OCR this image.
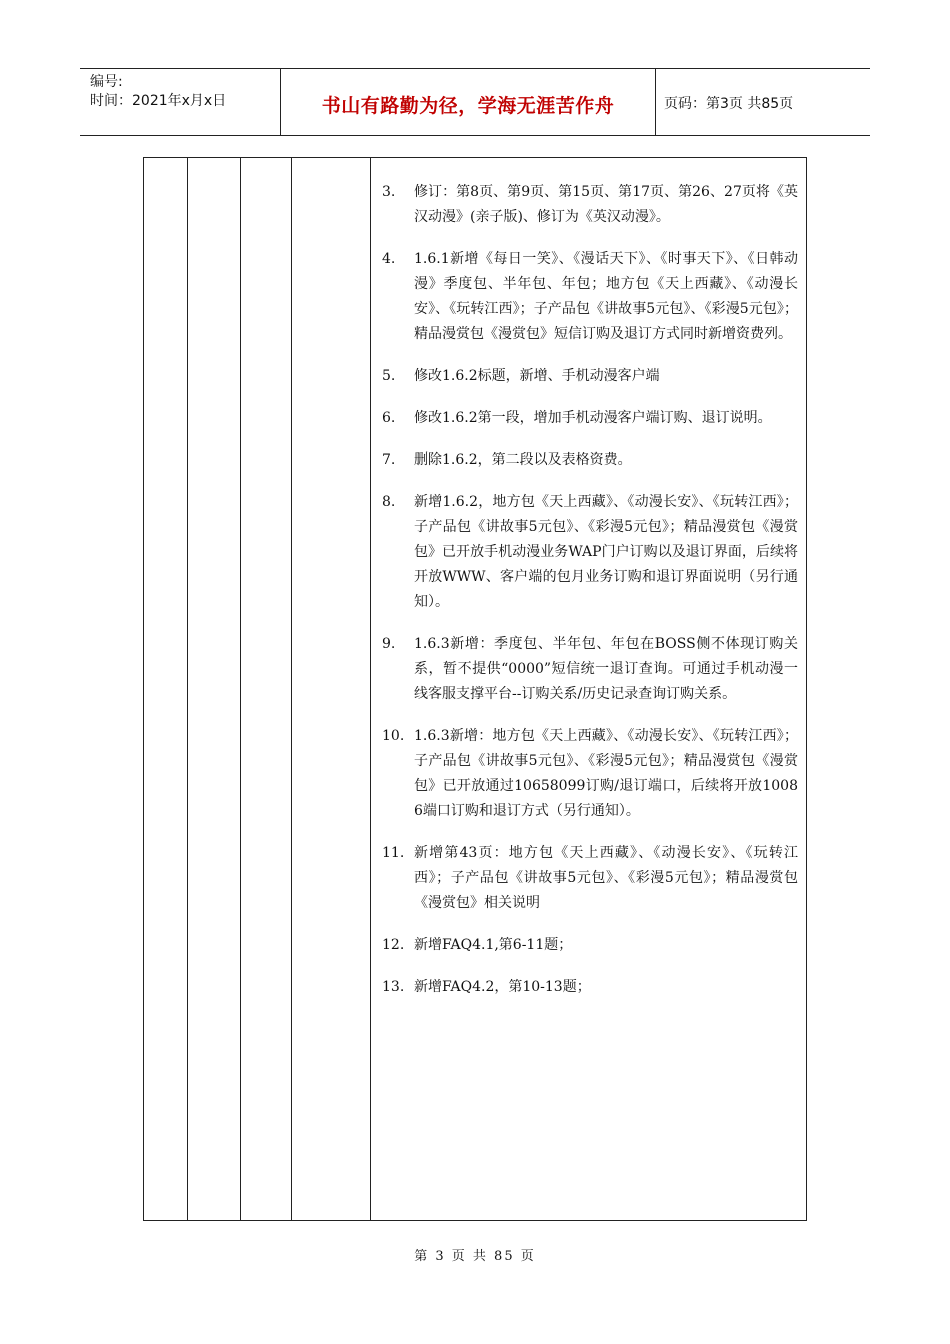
编号:
时间：2021年x月x日	书山有路勤为径，学海无涯苦作舟	页码：第3页 共85页
3.	修订：第8页、第9页、第15页、第17页、第26、27页将《英汉动漫》(亲子版)、修订为《英汉动漫》。
4.	1.6.1新增《每日一笑》、《漫话天下》、《时事天下》、《日韩动漫》季度包、半年包、年包；地方包《天上西藏》、《动漫长安》、《玩转江西》；子产品包《讲故事5元包》、《彩漫5元包》；精品漫赏包《漫赏包》短信订购及退订方式同时新增资费列。
5.	修改1.6.2标题，新增、手机动漫客户端
6.	修改1.6.2第一段，增加手机动漫客户端订购、退订说明。
7.	删除1.6.2，第二段以及表格资费。
8.	新增1.6.2，地方包《天上西藏》、《动漫长安》、《玩转江西》；子产品包《讲故事5元包》、《彩漫5元包》；精品漫赏包《漫赏包》已开放手机动漫业务WAP门户订购以及退订界面，后续将开放WWW、客户端的包月业务订购和退订界面说明（另行通知）。
9.	1.6.3新增：季度包、半年包、年包在BOSS侧不体现订购关系，暂不提供“0000”短信统一退订查询。可通过手机动漫一线客服支撑平台--订购关系/历史记录查询订购关系。
10. 1.6.3新增：地方包《天上西藏》、《动漫长安》、《玩转江西》；子产品包《讲故事5元包》、《彩漫5元包》；精品漫赏包《漫赏包》已开放通过10658099订购/退订端口，后续将开放10086端口订购和退订方式（另行通知）。
11. 新增第43页：地方包《天上西藏》、《动漫长安》、《玩转江西》；子产品包《讲故事5元包》、《彩漫5元包》；精品漫赏包《漫赏包》相关说明
12. 新增FAQ4.1,第6-11题；
13. 新增FAQ4.2，第10-13题；
第 3 页 共 85 页
